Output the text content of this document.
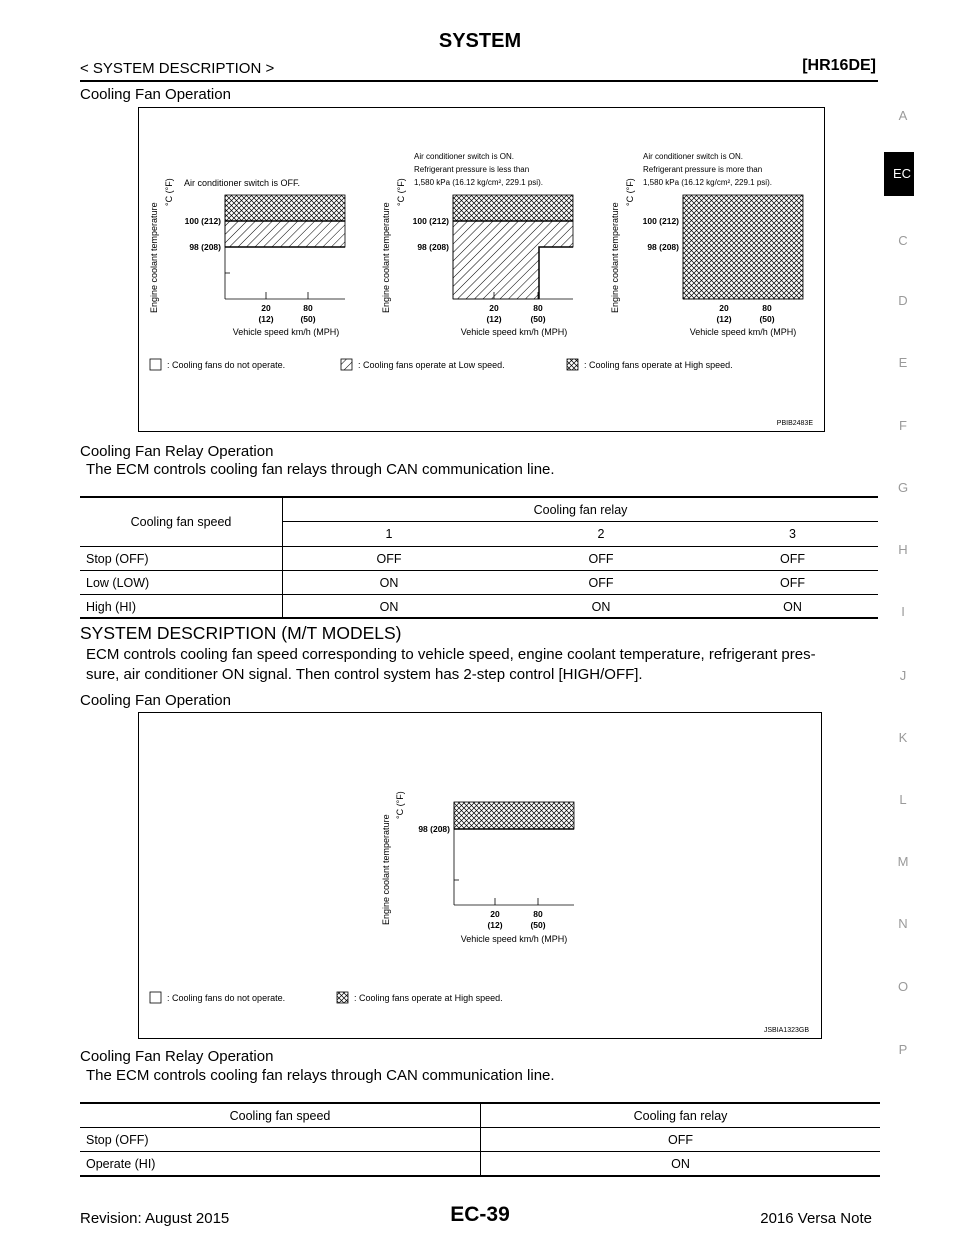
SYSTEM
< SYSTEM DESCRIPTION >	[HR16DE]
EC
A
C
D
E
F
G
H
I
J
K
L
M
N
O
P
Cooling Fan Operation
Engine coolant temperature
°C (°F) Air conditioner switch is OFF.
100 (212)
98 (208)
20
(12)
80
(50)
Vehicle speed km/h (MPH)
Engine coolant temperature
°C (°F)
Air conditioner switch is ON.
Refrigerant pressure is less than
1,580 kPa (16.12 kg/cm², 229.1 psi).
100 (212)
98 (208)
20
(12)
80
(50)
Vehicle speed km/h (MPH)
Engine coolant temperature
°C (°F)
Air conditioner switch is ON.
Refrigerant pressure is more than
1,580 kPa (16.12 kg/cm², 229.1 psi).
100 (212)
98 (208)
20
(12)
80
(50)
Vehicle speed km/h (MPH)
: Cooling fans do not operate.	: Cooling fans operate at Low speed.	: Cooling fans operate at High speed.
PBIB2483E
Cooling Fan Relay Operation
The ECM controls cooling fan relays through CAN communication line.
Cooling fan speed	Cooling fan relay		
	1	2	3
Stop (OFF)	OFF	OFF	OFF
Low (LOW)	ON	OFF	OFF
High (HI)	ON	ON	ON
SYSTEM DESCRIPTION (M/T MODELS)
ECM controls cooling fan speed corresponding to vehicle speed, engine coolant temperature, refrigerant pres-
sure, air conditioner ON signal. Then control system has 2-step control [HIGH/OFF].
Cooling Fan Operation
Engine coolant temperature
°C (°F)
98 (208)
20
(12)
80
(50)
Vehicle speed km/h (MPH)
: Cooling fans do not operate.	: Cooling fans operate at High speed.
JSBIA1323GB
Cooling Fan Relay Operation
The ECM controls cooling fan relays through CAN communication line.
Cooling fan speed	Cooling fan relay
Stop (OFF)	OFF
Operate (HI)	ON
Revision: August 2015	EC-39	2016 Versa Note
